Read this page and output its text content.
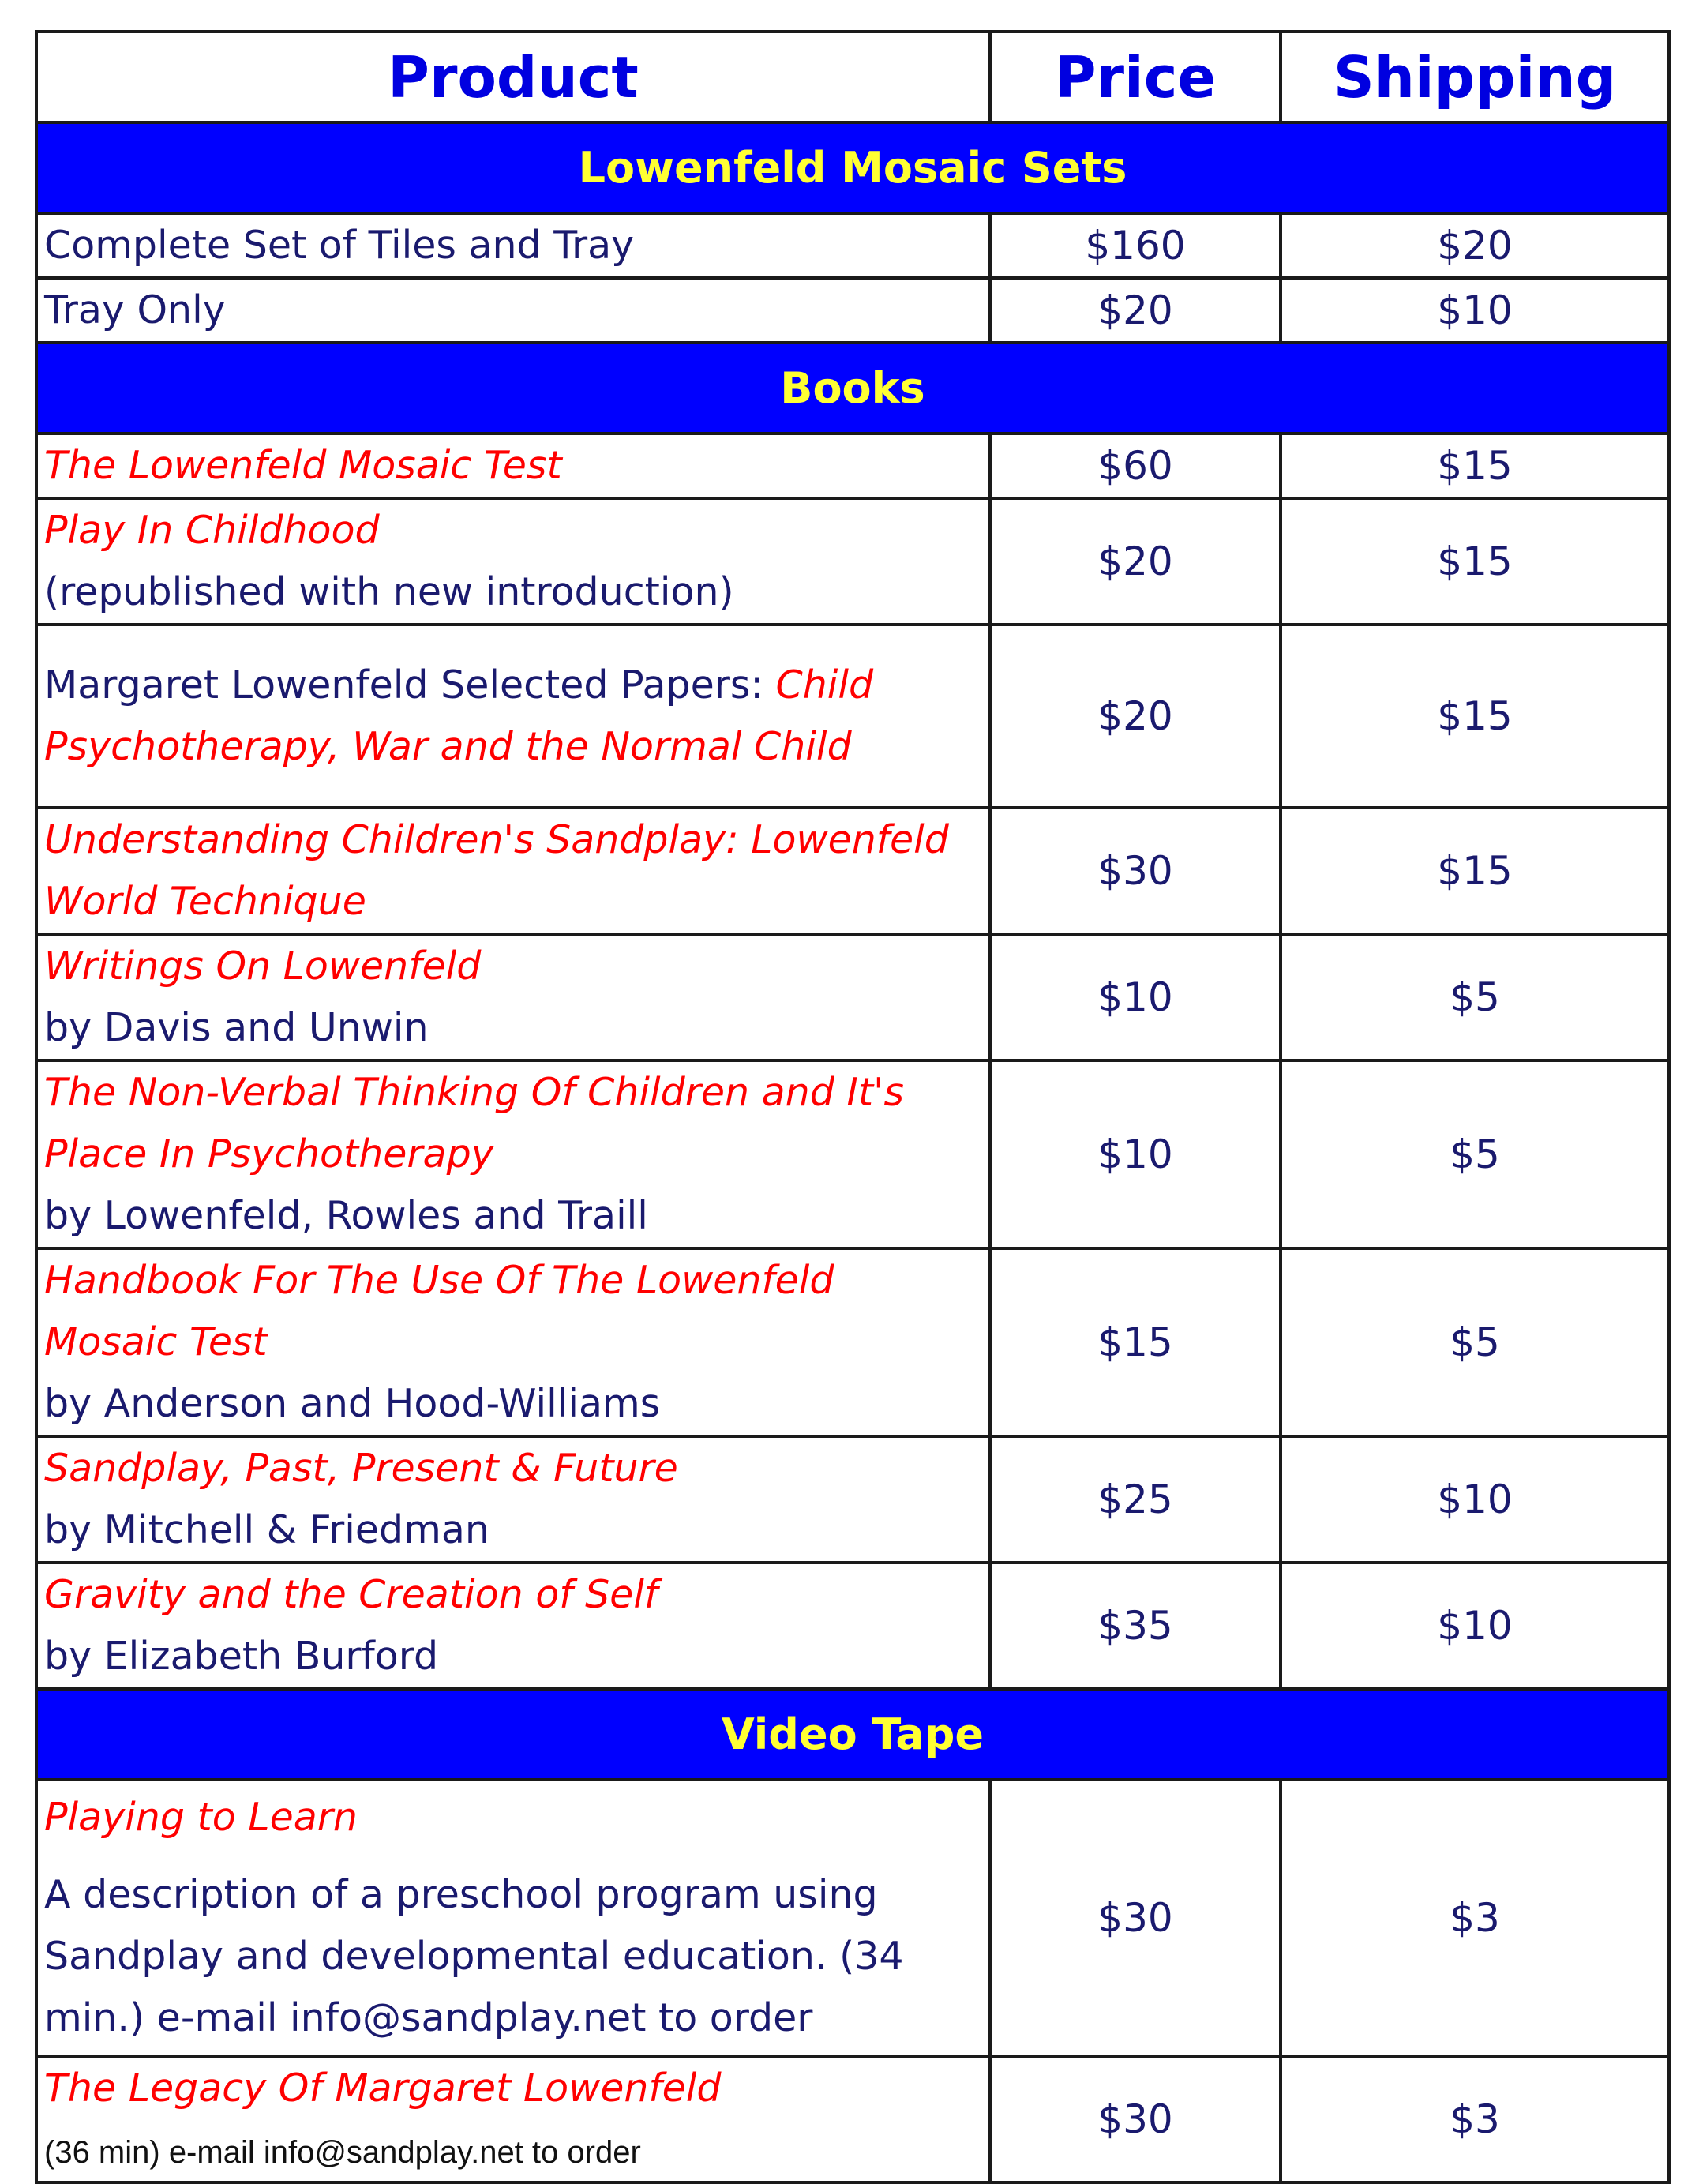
Product	Price	Shipping
Lowenfeld Mosaic Sets		
Complete Set of Tiles and Tray	$160	$20
Tray Only	$20	$10
Books		
The Lowenfeld Mosaic Test	$60	$15
Play In Childhood
(republished with new introduction)	$20	$15
Margaret Lowenfeld Selected Papers: Child Psychotherapy, War and the Normal Child	$20	$15
Understanding Children's Sandplay: Lowenfeld World Technique	$30	$15
Writings On Lowenfeld
by Davis and Unwin	$10	$5
The Non-Verbal Thinking Of Children and It's Place In Psychotherapy
by Lowenfeld, Rowles and Traill	$10	$5
Handbook For The Use Of The Lowenfeld Mosaic Test
by Anderson and Hood-Williams	$15	$5
Sandplay, Past, Present & Future
by Mitchell & Friedman	$25	$10
Gravity and the Creation of Self
by Elizabeth Burford	$35	$10
Video Tape		
Playing to Learn
A description of a preschool program using Sandplay and developmental education. (34 min.) e-mail info@sandplay.net to order	$30	$3
The Legacy Of Margaret Lowenfeld
(36 min) e-mail info@sandplay.net to order	$30	$3
